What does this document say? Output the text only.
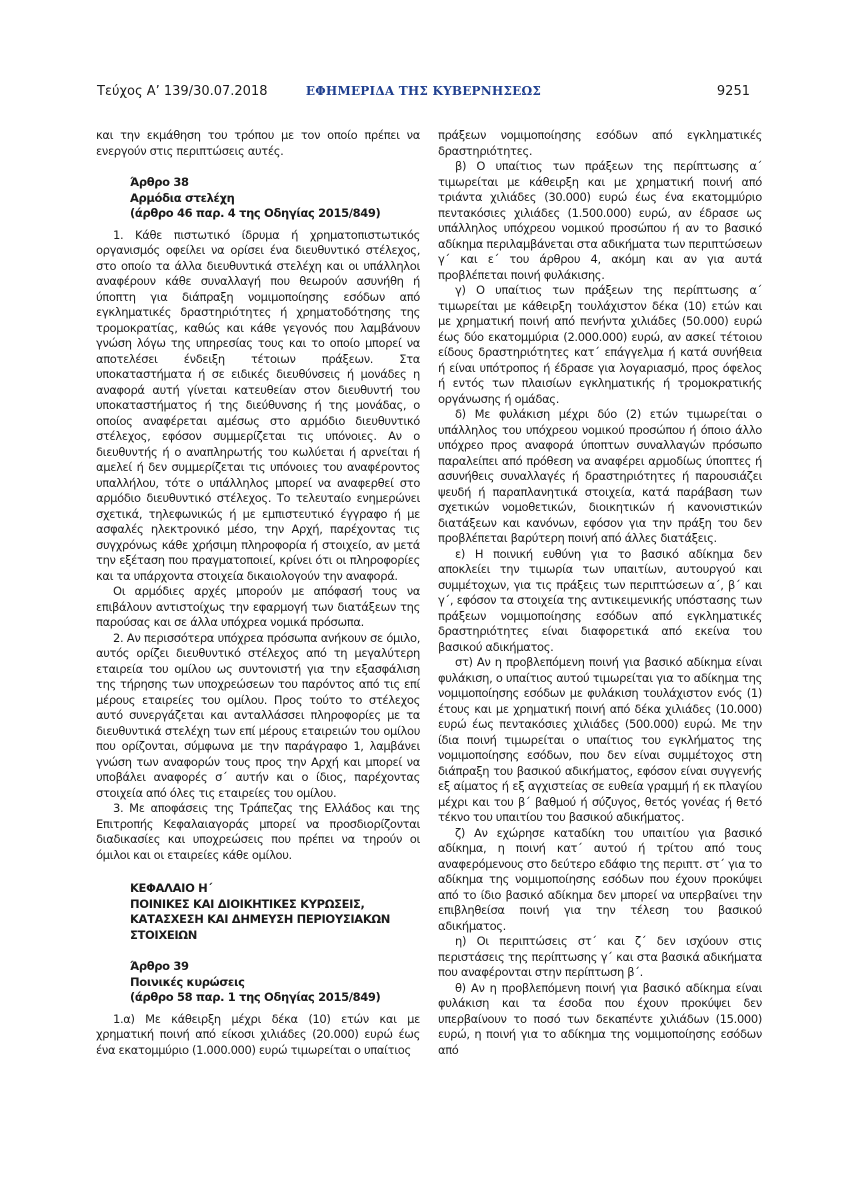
Τεύχος Α’ 139/30.07.2018	ΕΦΗΜΕΡΙΔΑ ΤΗΣ ΚΥΒΕΡΝΗΣΕΩΣ	9251

και την εκμάθηση του τρόπου με τον οποίο πρέπει να ενεργούν στις περιπτώσεις αυτές.

Άρθρο 38
Αρμόδια στελέχη
(άρθρο 46 παρ. 4 της Οδηγίας 2015/849)

1. Κάθε πιστωτικό ίδρυμα ή χρηματοπιστωτικός οργανισμός οφείλει να ορίσει ένα διευθυντικό στέλεχος, στο οποίο τα άλλα διευθυντικά στελέχη και οι υπάλληλοι αναφέρουν κάθε συναλλαγή που θεωρούν ασυνήθη ή ύποπτη για διάπραξη νομιμοποίησης εσόδων από εγκληματικές δραστηριότητες ή χρηματοδότησης της τρομοκρατίας, καθώς και κάθε γεγονός που λαμβάνουν γνώση λόγω της υπηρεσίας τους και το οποίο μπορεί να αποτελέσει ένδειξη τέτοιων πράξεων. Στα υποκαταστήματα ή σε ειδικές διευθύνσεις ή μονάδες η αναφορά αυτή γίνεται κατευθείαν στον διευθυντή του υποκαταστήματος ή της διεύθυνσης ή της μονάδας, ο οποίος αναφέρεται αμέσως στο αρμόδιο διευθυντικό στέλεχος, εφόσον συμμερίζεται τις υπόνοιες. Αν ο διευθυντής ή ο αναπληρωτής του κωλύεται ή αρνείται ή αμελεί ή δεν συμμερίζεται τις υπόνοιες του αναφέροντος υπαλλήλου, τότε ο υπάλληλος μπορεί να αναφερθεί στο αρμόδιο διευθυντικό στέλεχος. Το τελευταίο ενημερώνει σχετικά, τηλεφωνικώς ή με εμπιστευτικό έγγραφο ή με ασφαλές ηλεκτρονικό μέσο, την Αρχή, παρέχοντας τις συγχρόνως κάθε χρήσιμη πληροφορία ή στοιχείο, αν μετά την εξέταση που πραγματοποιεί, κρίνει ότι οι πληροφορίες και τα υπάρχοντα στοιχεία δικαιολογούν την αναφορά.

Οι αρμόδιες αρχές μπορούν με απόφασή τους να επιβάλουν αντιστοίχως την εφαρμογή των διατάξεων της παρούσας και σε άλλα υπόχρεα νομικά πρόσωπα.

2. Αν περισσότερα υπόχρεα πρόσωπα ανήκουν σε όμιλο, αυτός ορίζει διευθυντικό στέλεχος από τη μεγαλύτερη εταιρεία του ομίλου ως συντονιστή για την εξασφάλιση της τήρησης των υποχρεώσεων του παρόντος από τις επί μέρους εταιρείες του ομίλου. Προς τούτο το στέλεχος αυτό συνεργάζεται και ανταλλάσσει πληροφορίες με τα διευθυντικά στελέχη των επί μέρους εταιρειών του ομίλου που ορίζονται, σύμφωνα με την παράγραφο 1, λαμβάνει γνώση των αναφορών τους προς την Αρχή και μπορεί να υποβάλει αναφορές σ΄ αυτήν και ο ίδιος, παρέχοντας στοιχεία από όλες τις εταιρείες του ομίλου.

3. Με αποφάσεις της Τράπεζας της Ελλάδος και της Επιτροπής Κεφαλαιαγοράς μπορεί να προσδιορίζονται διαδικασίες και υποχρεώσεις που πρέπει να τηρούν οι όμιλοι και οι εταιρείες κάθε ομίλου.

ΚΕΦΑΛΑΙΟ Η΄
ΠΟΙΝΙΚΕΣ ΚΑΙ ΔΙΟΙΚΗΤΙΚΕΣ ΚΥΡΩΣΕΙΣ, ΚΑΤΑΣΧΕΣΗ ΚΑΙ ΔΗΜΕΥΣΗ ΠΕΡΙΟΥΣΙΑΚΩΝ ΣΤΟΙΧΕΙΩΝ
Άρθρο 39
Ποινικές κυρώσεις
(άρθρο 58 παρ. 1 της Οδηγίας 2015/849)

1.α) Με κάθειρξη μέχρι δέκα (10) ετών και με χρηματική ποινή από είκοσι χιλιάδες (20.000) ευρώ έως ένα εκατομμύριο (1.000.000) ευρώ τιμωρείται ο υπαίτιος

πράξεων νομιμοποίησης εσόδων από εγκληματικές δραστηριότητες.

β) Ο υπαίτιος των πράξεων της περίπτωσης α΄ τιμωρείται με κάθειρξη και με χρηματική ποινή από τριάντα χιλιάδες (30.000) ευρώ έως ένα εκατομμύριο πεντακόσιες χιλιάδες (1.500.000) ευρώ, αν έδρασε ως υπάλληλος υπόχρεου νομικού προσώπου ή αν το βασικό αδίκημα περιλαμβάνεται στα αδικήματα των περιπτώσεων γ΄ και ε΄ του άρθρου 4, ακόμη και αν για αυτά προβλέπεται ποινή φυλάκισης.

γ) Ο υπαίτιος των πράξεων της περίπτωσης α΄ τιμωρείται με κάθειρξη τουλάχιστον δέκα (10) ετών και με χρηματική ποινή από πενήντα χιλιάδες (50.000) ευρώ έως δύο εκατομμύρια (2.000.000) ευρώ, αν ασκεί τέτοιου είδους δραστηριότητες κατ΄ επάγγελμα ή κατά συνήθεια ή είναι υπότροπος ή έδρασε για λογαριασμό, προς όφελος ή εντός των πλαισίων εγκληματικής ή τρομοκρατικής οργάνωσης ή ομάδας.

δ) Με φυλάκιση μέχρι δύο (2) ετών τιμωρείται ο υπάλληλος του υπόχρεου νομικού προσώπου ή όποιο άλλο υπόχρεο προς αναφορά ύποπτων συναλλαγών πρόσωπο παραλείπει από πρόθεση να αναφέρει αρμοδίως ύποπτες ή ασυνήθεις συναλλαγές ή δραστηριότητες ή παρουσιάζει ψευδή ή παραπλανητικά στοιχεία, κατά παράβαση των σχετικών νομοθετικών, διοικητικών ή κανονιστικών διατάξεων και κανόνων, εφόσον για την πράξη του δεν προβλέπεται βαρύτερη ποινή από άλλες διατάξεις.

ε) Η ποινική ευθύνη για το βασικό αδίκημα δεν αποκλείει την τιμωρία των υπαιτίων, αυτουργού και συμμέτοχων, για τις πράξεις των περιπτώσεων α΄, β΄ και γ΄, εφόσον τα στοιχεία της αντικειμενικής υπόστασης των πράξεων νομιμοποίησης εσόδων από εγκληματικές δραστηριότητες είναι διαφορετικά από εκείνα του βασικού αδικήματος.

στ) Αν η προβλεπόμενη ποινή για βασικό αδίκημα είναι φυλάκιση, ο υπαίτιος αυτού τιμωρείται για το αδίκημα της νομιμοποίησης εσόδων με φυλάκιση τουλάχιστον ενός (1) έτους και με χρηματική ποινή από δέκα χιλιάδες (10.000) ευρώ έως πεντακόσιες χιλιάδες (500.000) ευρώ. Με την ίδια ποινή τιμωρείται ο υπαίτιος του εγκλήματος της νομιμοποίησης εσόδων, που δεν είναι συμμέτοχος στη διάπραξη του βασικού αδικήματος, εφόσον είναι συγγενής εξ αίματος ή εξ αγχιστείας σε ευθεία γραμμή ή εκ πλαγίου μέχρι και του β΄ βαθμού ή σύζυγος, θετός γονέας ή θετό τέκνο του υπαιτίου του βασικού αδικήματος.

ζ) Αν εχώρησε καταδίκη του υπαιτίου για βασικό αδίκημα, η ποινή κατ΄ αυτού ή τρίτου από τους αναφερόμενους στο δεύτερο εδάφιο της περιπτ. στ΄ για το αδίκημα της νομιμοποίησης εσόδων που έχουν προκύψει από το ίδιο βασικό αδίκημα δεν μπορεί να υπερβαίνει την επιβληθείσα ποινή για την τέλεση του βασικού αδικήματος.

η) Οι περιπτώσεις στ΄ και ζ΄ δεν ισχύουν στις περιστάσεις της περίπτωσης γ΄ και στα βασικά αδικήματα που αναφέρονται στην περίπτωση β΄.

θ) Αν η προβλεπόμενη ποινή για βασικό αδίκημα είναι φυλάκιση και τα έσοδα που έχουν προκύψει δεν υπερβαίνουν το ποσό των δεκαπέντε χιλιάδων (15.000) ευρώ, η ποινή για το αδίκημα της νομιμοποίησης εσόδων από
